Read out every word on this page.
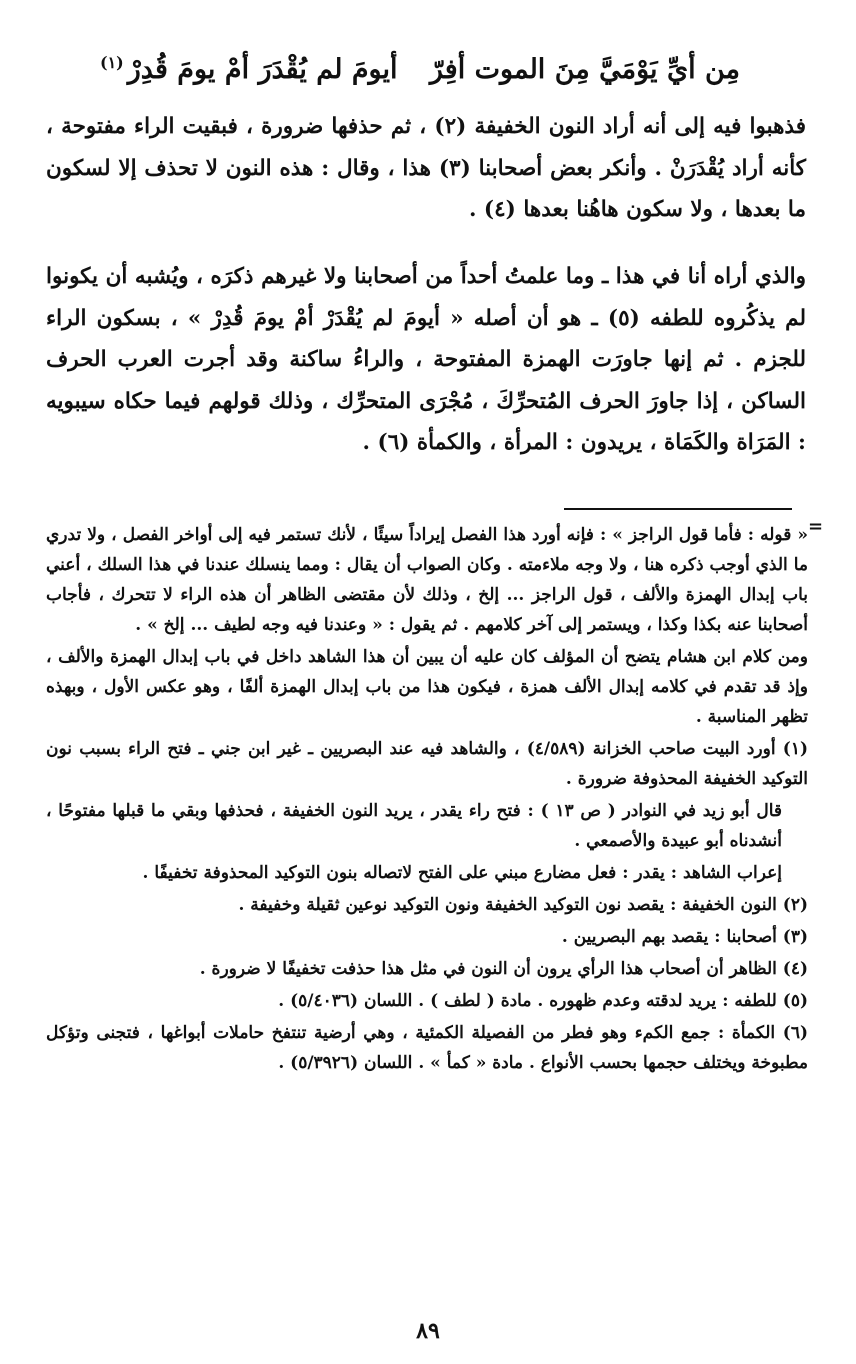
مِن أيِّ يَوْمَيَّ مِنَ الموت أفِرّ
أيومَ لم يُقْدَرَ أمْ يومَ قُدِرْ$^{(١)}$

فذهبوا فيه إلى أنه أراد النون الخفيفة (٢) ، ثم حذفها ضرورة ، فبقيت الراء مفتوحة ، كأنه أراد يُقْدَرَنْ . وأنكر بعض أصحابنا (٣) هذا ، وقال : هذه النون لا تحذف إلا لسكون ما بعدها ، ولا سكون هاهُنا بعدها (٤) .

والذي أراه أنا في هذا ـ وما علمتُ أحداً من أصحابنا ولا غيرهم ذكرَه ، ويُشبه أن يكونوا لم يذكُروه للطفه (٥) ـ هو أن أصله « أيومَ لم يُقْدَرْ أمْ يومَ قُدِرْ » ، بسكون الراء للجزم . ثم إنها جاورَت الهمزة المفتوحة ، والراءُ ساكنة وقد أجرت العرب الحرف الساكن ، إذا جاورَ الحرف المُتحرِّكَ ، مُجْرَى المتحرِّك ، وذلك قولهم فيما حكاه سيبويه : المَرَاة والكَمَاة ، يريدون : المرأة ، والكمأة (٦) .

=

« قوله : فأما قول الراجز » : فإنه أورد هذا الفصل إيراداً سيئًا ، لأنك تستمر فيه إلى أواخر الفصل ، ولا تدري ما الذي أوجب ذكره هنا ، ولا وجه ملاءمته . وكان الصواب أن يقال : ومما ينسلك عندنا في هذا السلك ، أعني باب إبدال الهمزة والألف ، قول الراجز ... إلخ ، وذلك لأن مقتضى الظاهر أن هذه الراء لا تتحرك ، فأجاب أصحابنا عنه بكذا وكذا ، ويستمر إلى آخر كلامهم . ثم يقول : « وعندنا فيه وجه لطيف ... إلخ » .

ومن كلام ابن هشام يتضح أن المؤلف كان عليه أن يبين أن هذا الشاهد داخل في باب إبدال الهمزة والألف ، وإذ قد تقدم في كلامه إبدال الألف همزة ، فيكون هذا من باب إبدال الهمزة ألفًا ، وهو عكس الأول ، وبهذه تظهر المناسبة .

(١) أورد البيت صاحب الخزانة (٤/٥٨٩) ، والشاهد فيه عند البصريين ـ غير ابن جني ـ فتح الراء بسبب نون التوكيد الخفيفة المحذوفة ضرورة .

قال أبو زيد في النوادر ( ص ١٣ ) : فتح راء يقدر ، يريد النون الخفيفة ، فحذفها وبقي ما قبلها مفتوحًا ، أنشدناه أبو عبيدة والأصمعي .

إعراب الشاهد : يقدر : فعل مضارع مبني على الفتح لاتصاله بنون التوكيد المحذوفة تخفيفًا .

(٢) النون الخفيفة : يقصد نون التوكيد الخفيفة ونون التوكيد نوعين ثقيلة وخفيفة .

(٣) أصحابنا : يقصد بهم البصريين .

(٤) الظاهر أن أصحاب هذا الرأي يرون أن النون في مثل هذا حذفت تخفيفًا لا ضرورة .

(٥) للطفه : يريد لدقته وعدم ظهوره . مادة ( لطف ) . اللسان (٥/٤٠٣٦) .

(٦) الكمأة : جمع الكمء وهو فطر من الفصيلة الكمئية ، وهي أرضية تنتفخ حاملات أبواغها ، فتجنى وتؤكل مطبوخة ويختلف حجمها بحسب الأنواع . مادة « كمأ » . اللسان (٥/٣٩٢٦) .

٨٩
